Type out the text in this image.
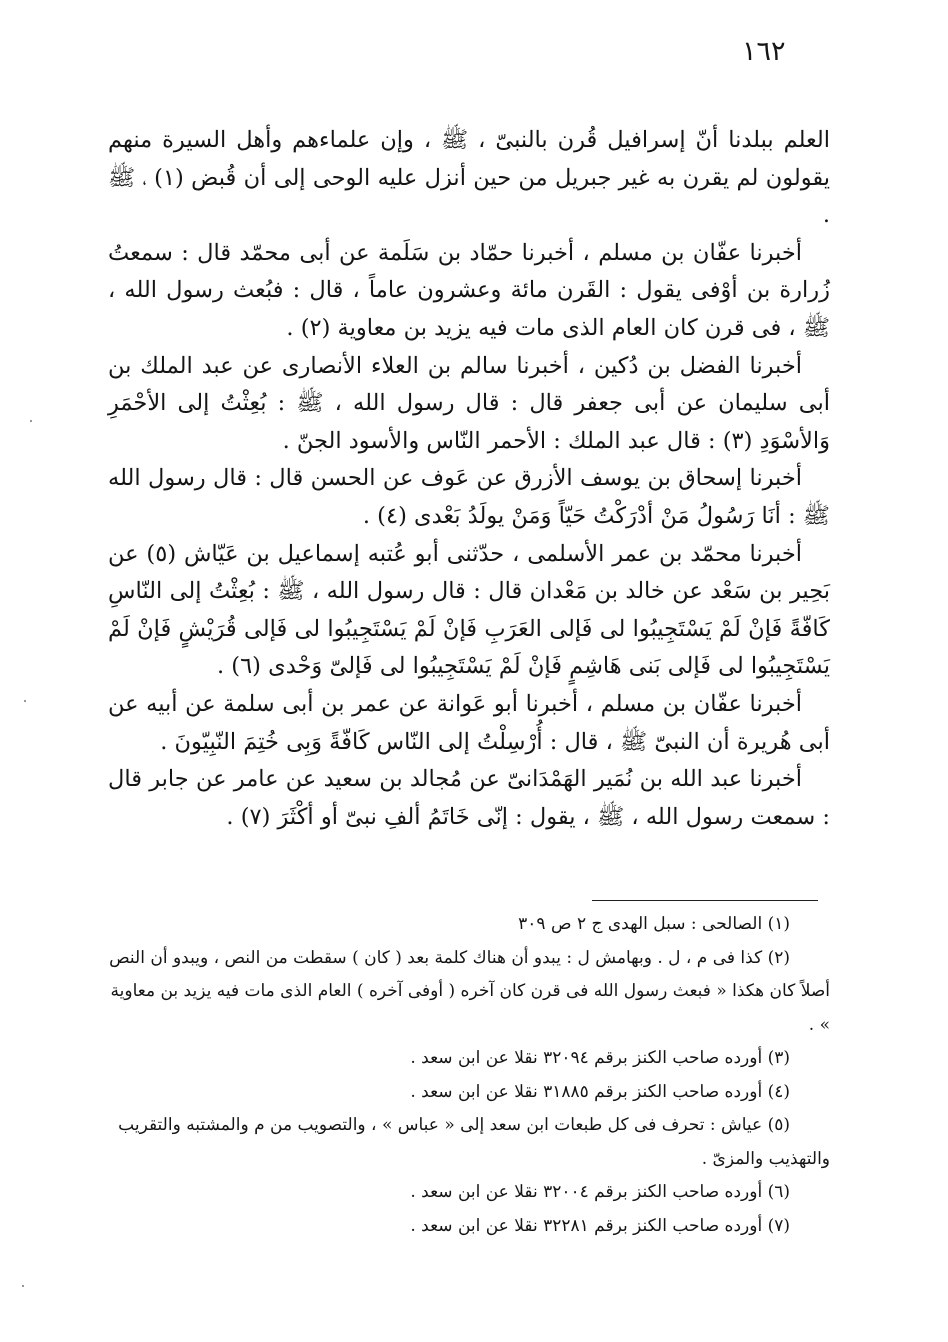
١٦٢

العلم ببلدنا أنّ إسرافيل قُرن بالنبىّ ، ﷺ ، وإن علماءهم وأهل السيرة منهم يقولون لم يقرن به غير جبريل من حين أنزل عليه الوحى إلى أن قُبض (١) ، ﷺ .

أخبرنا عفّان بن مسلم ، أخبرنا حمّاد بن سَلَمة عن أبى محمّد قال : سمعتُ زُرارة بن أوْفى يقول : القَرن مائة وعشرون عاماً ، قال : فبُعث رسول الله ، ﷺ ، فى قرن كان العام الذى مات فيه يزيد بن معاوية (٢) .

أخبرنا الفضل بن دُكين ، أخبرنا سالم بن العلاء الأنصارى عن عبد الملك بن أبى سليمان عن أبى جعفر قال : قال رسول الله ، ﷺ : بُعِثْتُ إلى الأحْمَرِ وَالأسْوَدِ (٣) : قال عبد الملك : الأحمر النّاس والأسود الجنّ .

أخبرنا إسحاق بن يوسف الأزرق عن عَوف عن الحسن قال : قال رسول الله ﷺ : أنَا رَسُولُ مَنْ أدْرَكْتُ حَيّاً وَمَنْ يولَدُ بَعْدى (٤) .

أخبرنا محمّد بن عمر الأسلمى ، حدّثنى أبو عُتبه إسماعيل بن عَيّاش (٥) عن بَحِير بن سَعْد عن خالد بن مَعْدان قال : قال رسول الله ، ﷺ : بُعِثْتُ إلى النّاسِ كَافّةً فَإنْ لَمْ يَسْتَجِيبُوا لى فَإلى العَرَبِ فَإنْ لَمْ يَسْتَجِيبُوا لى فَإلى قُرَيْشٍ فَإنْ لَمْ يَسْتَجِيبُوا لى فَإلى بَنى هَاشِمٍ فَإنْ لَمْ يَسْتَجِيبُوا لى فَإلىّ وَحْدى (٦) .

أخبرنا عفّان بن مسلم ، أخبرنا أبو عَوانة عن عمر بن أبى سلمة عن أبيه عن أبى هُريرة أن النبىّ ﷺ ، قال : أُرْسِلْتُ إلى النّاس كَافّةً وَبِى خُتِمَ النّبِيّونَ .

أخبرنا عبد الله بن نُمَير الهَمْدَانىّ عن مُجالد بن سعيد عن عامر عن جابر قال : سمعت رسول الله ، ﷺ ، يقول : إنّى خَاتَمُ ألفِ نبىّ أو أكْثَرَ (٧) .

(١) الصالحى : سبل الهدى ج ٢ ص ٣٠٩

(٢) كذا فى م ، ل . وبهامش ل : يبدو أن هناك كلمة بعد ( كان ) سقطت من النص ، ويبدو أن النص أصلاً كان هكذا « فبعث رسول الله فى قرن كان آخره ( أوفى آخره ) العام الذى مات فيه يزيد بن معاوية » .

(٣) أورده صاحب الكنز برقم ٣٢٠٩٤ نقلا عن ابن سعد .

(٤) أورده صاحب الكنز برقم ٣١٨٨٥ نقلا عن ابن سعد .

(٥) عياش : تحرف فى كل طبعات ابن سعد إلى « عباس » ، والتصويب من م والمشتبه والتقريب والتهذيب والمزىّ .

(٦) أورده صاحب الكنز برقم ٣٢٠٠٤ نقلا عن ابن سعد .

(٧) أورده صاحب الكنز برقم ٣٢٢٨١ نقلا عن ابن سعد .
